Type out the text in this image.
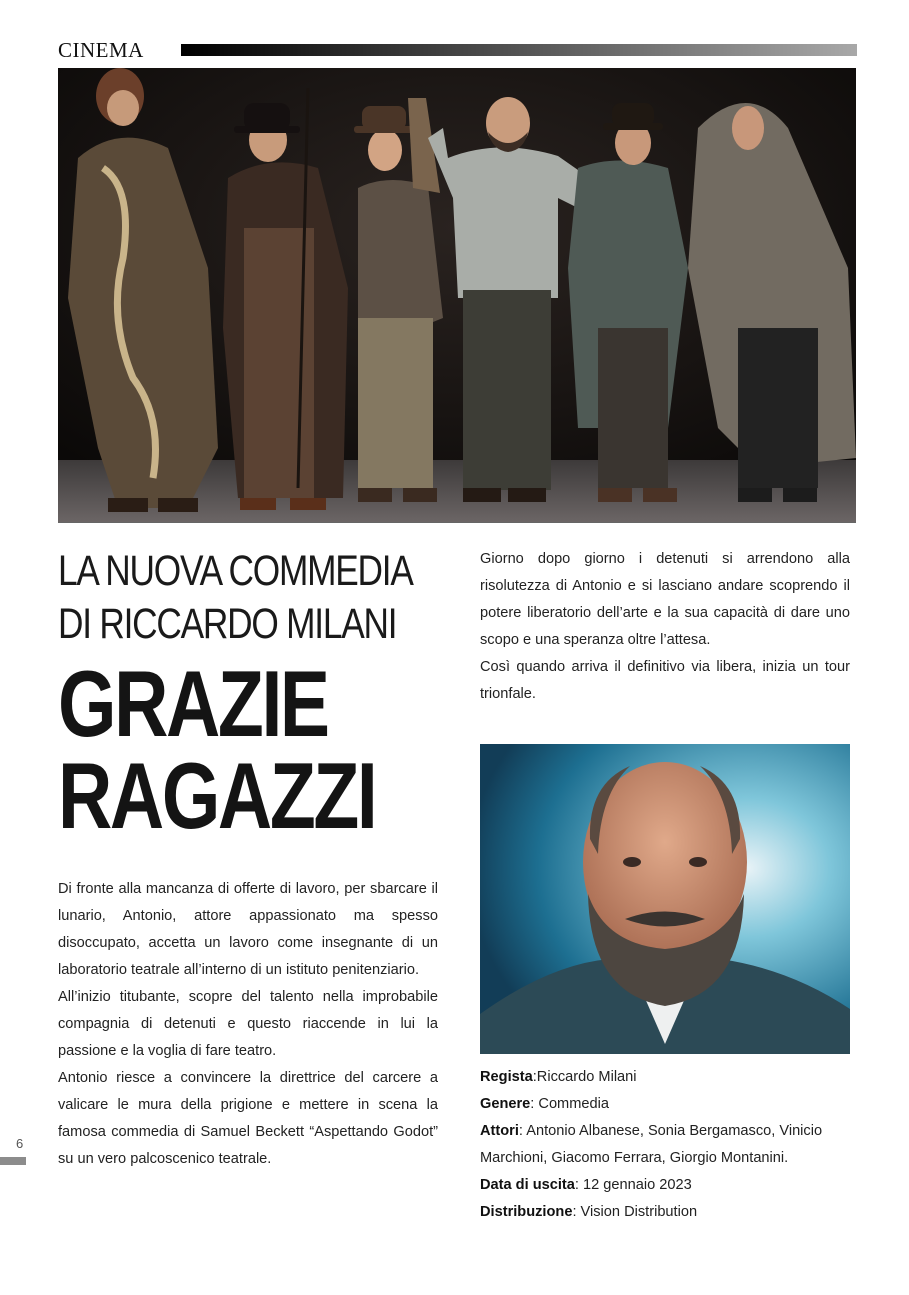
CINEMA
LA NUOVA COMMEDIA
DI RICCARDO MILANI
GRAZIE
RAGAZZI

Di fronte alla mancanza di offerte di lavoro, per sbarcare il lunario, Antonio, attore appassionato ma spesso disoccupato, accetta un lavoro come insegnante di un laboratorio teatrale all’interno di un istituto penitenziario.

All’inizio titubante, scopre del talento nella improbabile compagnia di detenuti e questo riaccende in lui la passione e la voglia di fare teatro.

Antonio riesce a convincere la direttrice del carcere a valicare le mura della prigione e mettere in scena la famosa commedia di Samuel Beckett “Aspettando Godot” su un vero palcoscenico teatrale.

Giorno dopo giorno i detenuti si arrendono alla risolutezza di Antonio e si lasciano andare scoprendo il potere liberatorio dell’arte e la sua capacità di dare uno scopo e una speranza oltre l’attesa.

Così quando arriva il definitivo via libera, inizia un tour trionfale.

Regista:Riccardo Milani
Genere: Commedia
Attori: Antonio Albanese, Sonia Bergamasco, Vinicio Marchioni, Giacomo Ferrara, Giorgio Montanini.
Data di uscita: 12 gennaio 2023
Distribuzione: Vision Distribution
6
